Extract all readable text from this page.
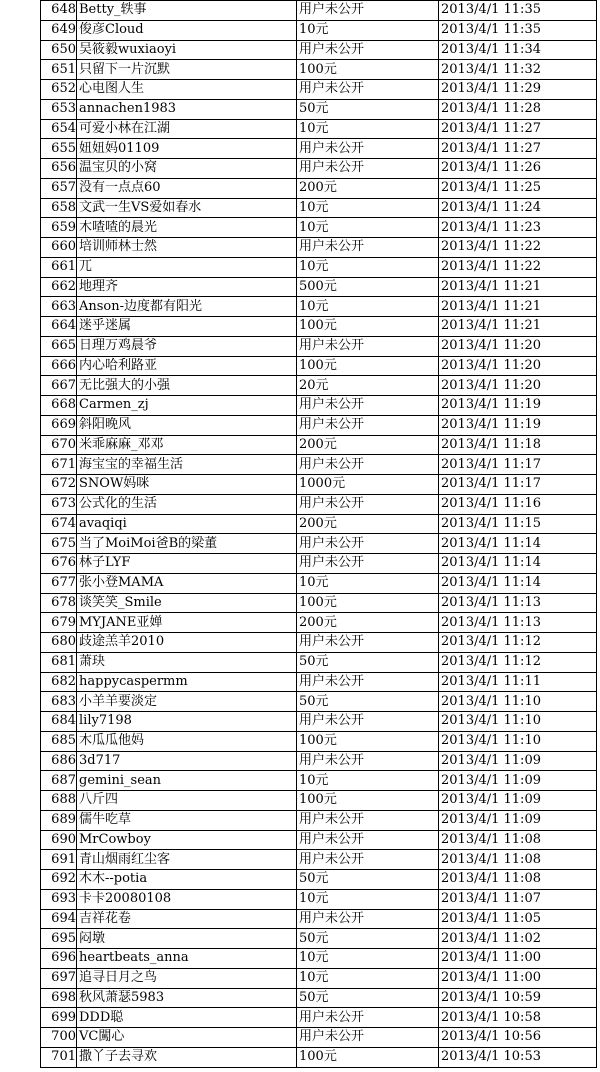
648	Betty_轶事	用户未公开	2013/4/1 11:35
649	俊彦Cloud	10元	2013/4/1 11:35
650	吴筱毅wuxiaoyi	用户未公开	2013/4/1 11:34
651	只留下一片沉默	100元	2013/4/1 11:32
652	心电图人生	用户未公开	2013/4/1 11:29
653	annachen1983	50元	2013/4/1 11:28
654	可爱小林在江湖	10元	2013/4/1 11:27
655	妞妞妈01109	用户未公开	2013/4/1 11:27
656	温宝贝的小窝	用户未公开	2013/4/1 11:26
657	没有一点点60	200元	2013/4/1 11:25
658	文武一生VS爱如春水	10元	2013/4/1 11:24
659	木喳喳的晨光	10元	2013/4/1 11:23
660	培训师林士然	用户未公开	2013/4/1 11:22
661	兀	10元	2013/4/1 11:22
662	地理齐	500元	2013/4/1 11:21
663	Anson-边度都有阳光	10元	2013/4/1 11:21
664	迷乎迷属	100元	2013/4/1 11:21
665	日理万鸡晨爷	用户未公开	2013/4/1 11:20
666	内心哈利路亚	100元	2013/4/1 11:20
667	无比强大的小强	20元	2013/4/1 11:20
668	Carmen_zj	用户未公开	2013/4/1 11:19
669	斜阳晚风	用户未公开	2013/4/1 11:19
670	米乖麻麻_邓邓	200元	2013/4/1 11:18
671	海宝宝的幸福生活	用户未公开	2013/4/1 11:17
672	SNOW妈咪	1000元	2013/4/1 11:17
673	公式化的生活	用户未公开	2013/4/1 11:16
674	avaqiqi	200元	2013/4/1 11:15
675	当了MoiMoi爸B的梁董	用户未公开	2013/4/1 11:14
676	林子LYF	用户未公开	2013/4/1 11:14
677	张小登MAMA	10元	2013/4/1 11:14
678	谈笑笑_Smile	100元	2013/4/1 11:13
679	MYJANE亚婵	200元	2013/4/1 11:13
680	歧途羔羊2010	用户未公开	2013/4/1 11:12
681	萧玦	50元	2013/4/1 11:12
682	happycaspermm	用户未公开	2013/4/1 11:11
683	小羊羊要淡定	50元	2013/4/1 11:10
684	lily7198	用户未公开	2013/4/1 11:10
685	木瓜瓜他妈	100元	2013/4/1 11:10
686	3d717	用户未公开	2013/4/1 11:09
687	gemini_sean	10元	2013/4/1 11:09
688	八斤四	100元	2013/4/1 11:09
689	儒牛吃草	用户未公开	2013/4/1 11:09
690	MrCowboy	用户未公开	2013/4/1 11:08
691	青山烟雨红尘客	用户未公开	2013/4/1 11:08
692	木木--potia	50元	2013/4/1 11:08
693	卡卡20080108	10元	2013/4/1 11:07
694	吉祥花卷	用户未公开	2013/4/1 11:05
695	闷墩	50元	2013/4/1 11:02
696	heartbeats_anna	10元	2013/4/1 11:00
697	追寻日月之鸟	10元	2013/4/1 11:00
698	秋风萧瑟5983	50元	2013/4/1 10:59
699	DDD聪	用户未公开	2013/4/1 10:58
700	VC闖心	用户未公开	2013/4/1 10:56
701	撒丫子去寻欢	100元	2013/4/1 10:53
